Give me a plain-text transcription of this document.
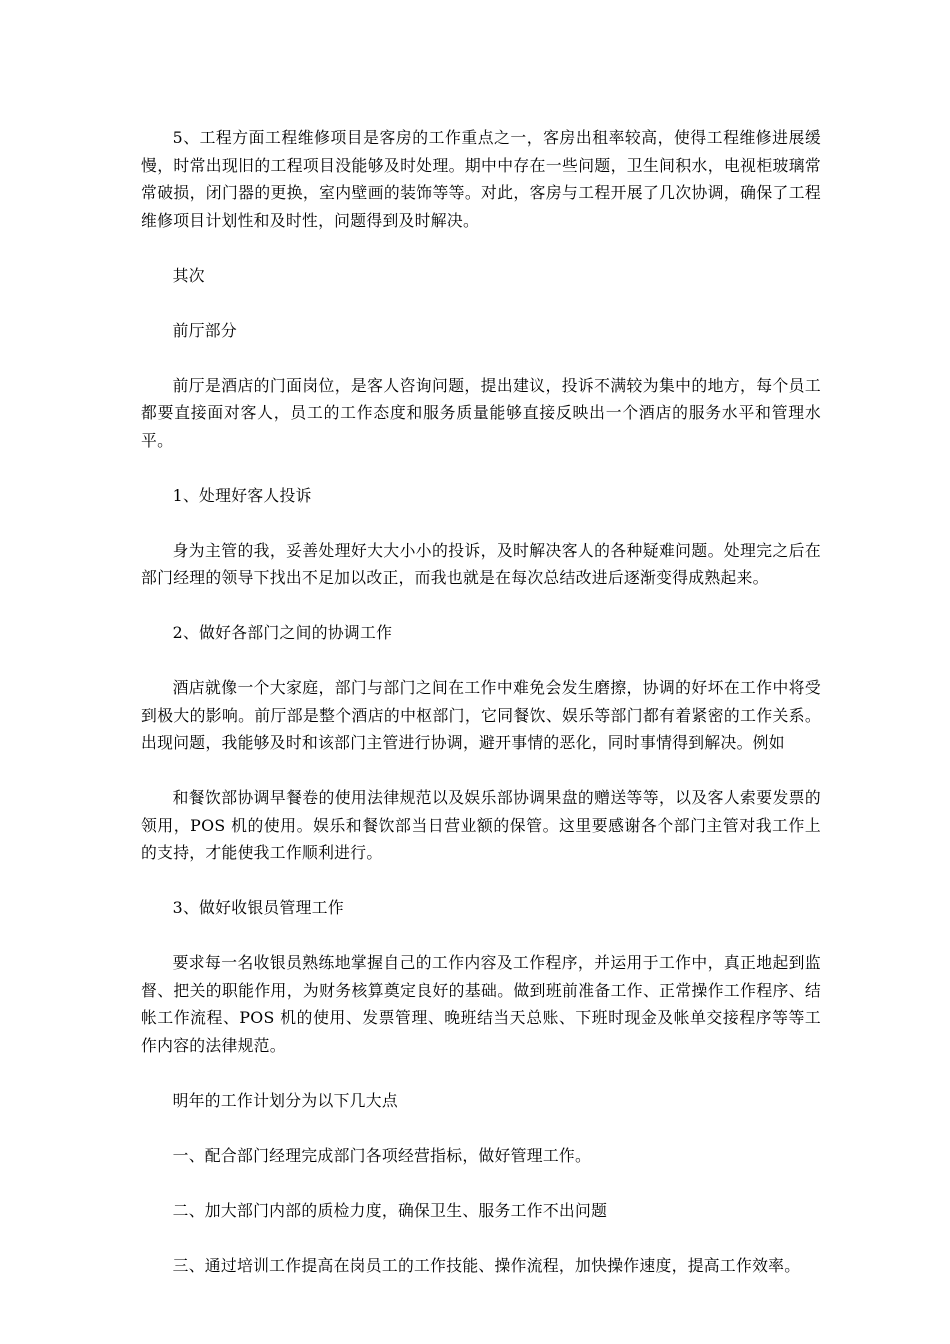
5、工程方面工程维修项目是客房的工作重点之一，客房出租率较高，使得工程维修进展缓慢，时常出现旧的工程项目没能够及时处理。期中中存在一些问题，卫生间积水，电视柜玻璃常常破损，闭门器的更换，室内壁画的装饰等等。对此，客房与工程开展了几次协调，确保了工程维修项目计划性和及时性，问题得到及时解决。

其次

前厅部分

前厅是酒店的门面岗位，是客人咨询问题，提出建议，投诉不满较为集中的地方，每个员工都要直接面对客人，员工的工作态度和服务质量能够直接反映出一个酒店的服务水平和管理水平。

1、处理好客人投诉

身为主管的我，妥善处理好大大小小的投诉，及时解决客人的各种疑难问题。处理完之后在部门经理的领导下找出不足加以改正，而我也就是在每次总结改进后逐渐变得成熟起来。

2、做好各部门之间的协调工作

酒店就像一个大家庭，部门与部门之间在工作中难免会发生磨擦，协调的好坏在工作中将受到极大的影响。前厅部是整个酒店的中枢部门，它同餐饮、娱乐等部门都有着紧密的工作关系。出现问题，我能够及时和该部门主管进行协调，避开事情的恶化，同时事情得到解决。例如

和餐饮部协调早餐卷的使用法律规范以及娱乐部协调果盘的赠送等等，以及客人索要发票的领用，POS 机的使用。娱乐和餐饮部当日营业额的保管。这里要感谢各个部门主管对我工作上的支持，才能使我工作顺利进行。

3、做好收银员管理工作

要求每一名收银员熟练地掌握自己的工作内容及工作程序，并运用于工作中，真正地起到监督、把关的职能作用，为财务核算奠定良好的基础。做到班前准备工作、正常操作工作程序、结帐工作流程、POS 机的使用、发票管理、晚班结当天总账、下班时现金及帐单交接程序等等工作内容的法律规范。

明年的工作计划分为以下几大点

一、配合部门经理完成部门各项经营指标，做好管理工作。

二、加大部门内部的质检力度，确保卫生、服务工作不出问题

三、通过培训工作提高在岗员工的工作技能、操作流程，加快操作速度，提高工作效率。
